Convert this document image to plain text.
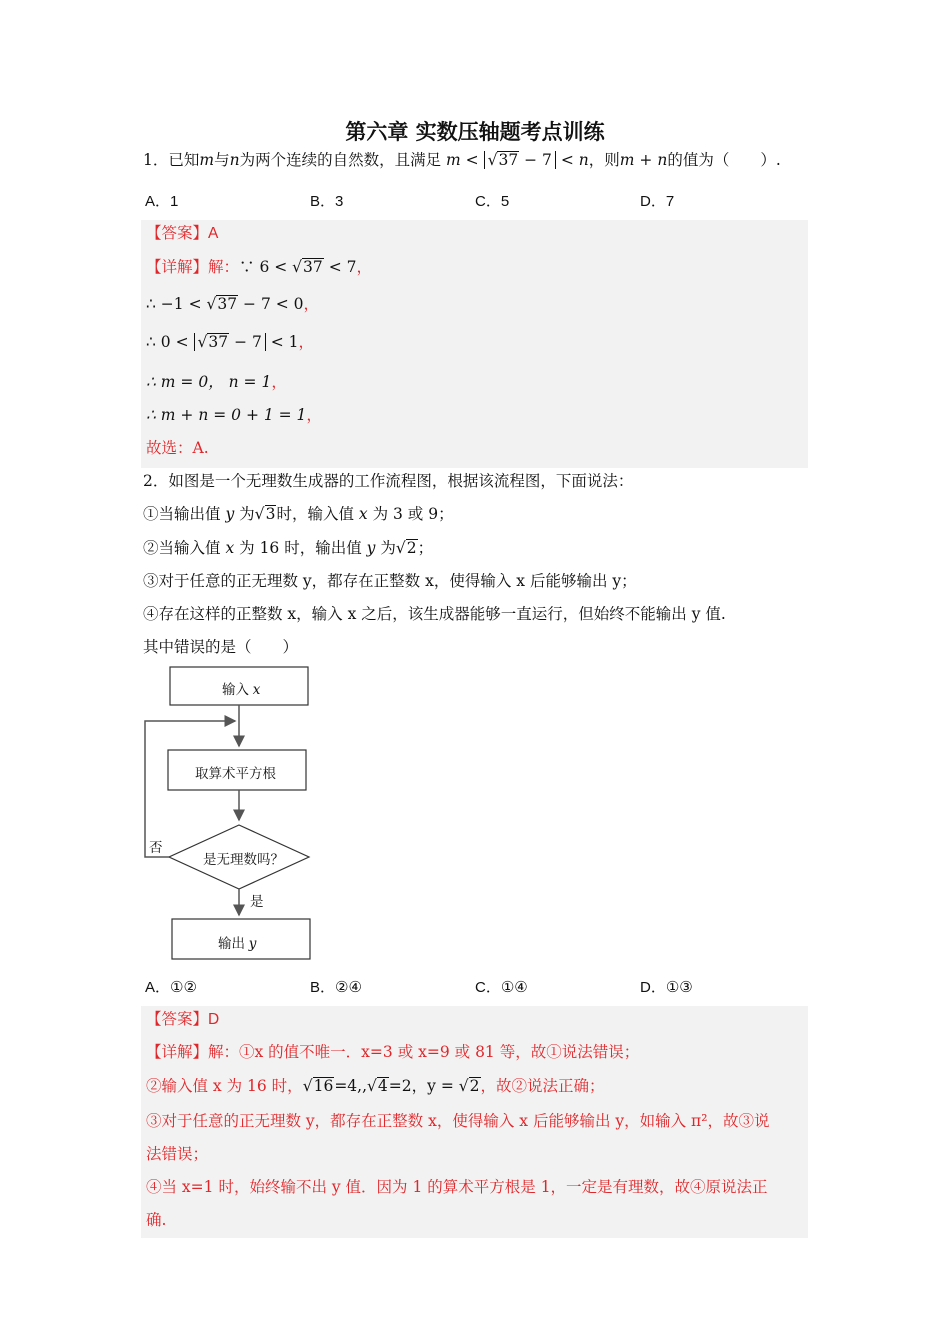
第六章 实数压轴题考点训练
1．已知m与n为两个连续的自然数，且满足 m < √37 − 7 < n，则m + n的值为（　　）.
A．1	B．3	C．5	D．7
【答案】A
【详解】解：∵ 6 < √37 < 7，
∴ −1 < √37 − 7 < 0，
∴ 0 < √37 − 7 < 1，
∴ m = 0， n = 1，
∴ m + n = 0 + 1 = 1，
故选：A.
2．如图是一个无理数生成器的工作流程图，根据该流程图，下面说法：
①当输出值 y 为√3时，输入值 x 为 3 或 9；
②当输入值 x 为 16 时，输出值 y 为√2；
③对于任意的正无理数 y，都存在正整数 x，使得输入 x 后能够输出 y；
④存在这样的正整数 x，输入 x 之后，该生成器能够一直运行，但始终不能输出 y 值.
其中错误的是（　　）
输入 x
取算术平方根
是无理数吗？
否
是
输出 y
A．①②	B．②④	C．①④	D．①③
【答案】D
【详解】解：①x 的值不唯一．x=3 或 x=9 或 81 等，故①说法错误；
②输入值 x 为 16 时，√16=4,,√4=2，y = √2，故②说法正确；
③对于任意的正无理数 y，都存在正整数 x，使得输入 x 后能够输出 y，如输入 π²，故③说
法错误；
④当 x=1 时，始终输不出 y 值．因为 1 的算术平方根是 1，一定是有理数，故④原说法正
确.
